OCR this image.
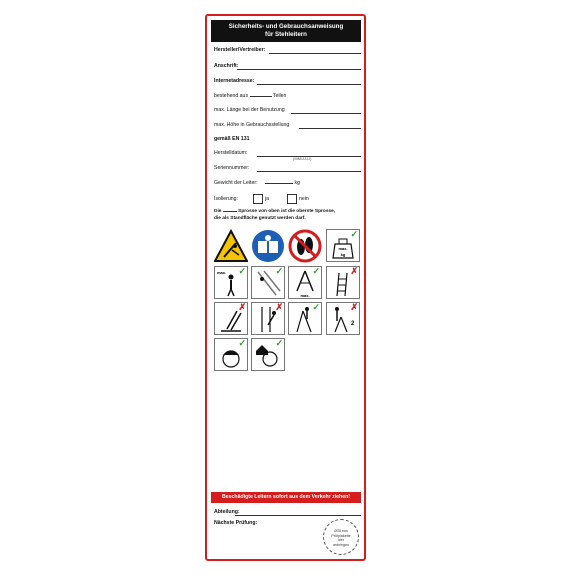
Sicherheits- und Gebrauchsanweisung
für Stehleitern
Hersteller/Vertreiber:
Anschrift:
Internetadresse:
bestehend aus	Teilen
max. Länge bei der Benutzung
max. Höhe in Gebrauchsstellung
gemäß EN 131
Herstelldatum:
(MM/JJJJ)
Seriennummer:
Gewicht der Leiter:	kg
Isolierung:	ja	nein
Die	Sprosse von oben ist die oberste Sprosse,
die als Standfläche genutzt werden darf.
✓
max.
kg
✓
max.	✓	✓
max.
✗
✗	✗	✓	✗
2
✓	✓
Beschädigte Leitern sofort aus dem Verkehr ziehen!
Abteilung:
Nächste Prüfung:
Ø35 mm
Prüfplakette
hier
anbringen
